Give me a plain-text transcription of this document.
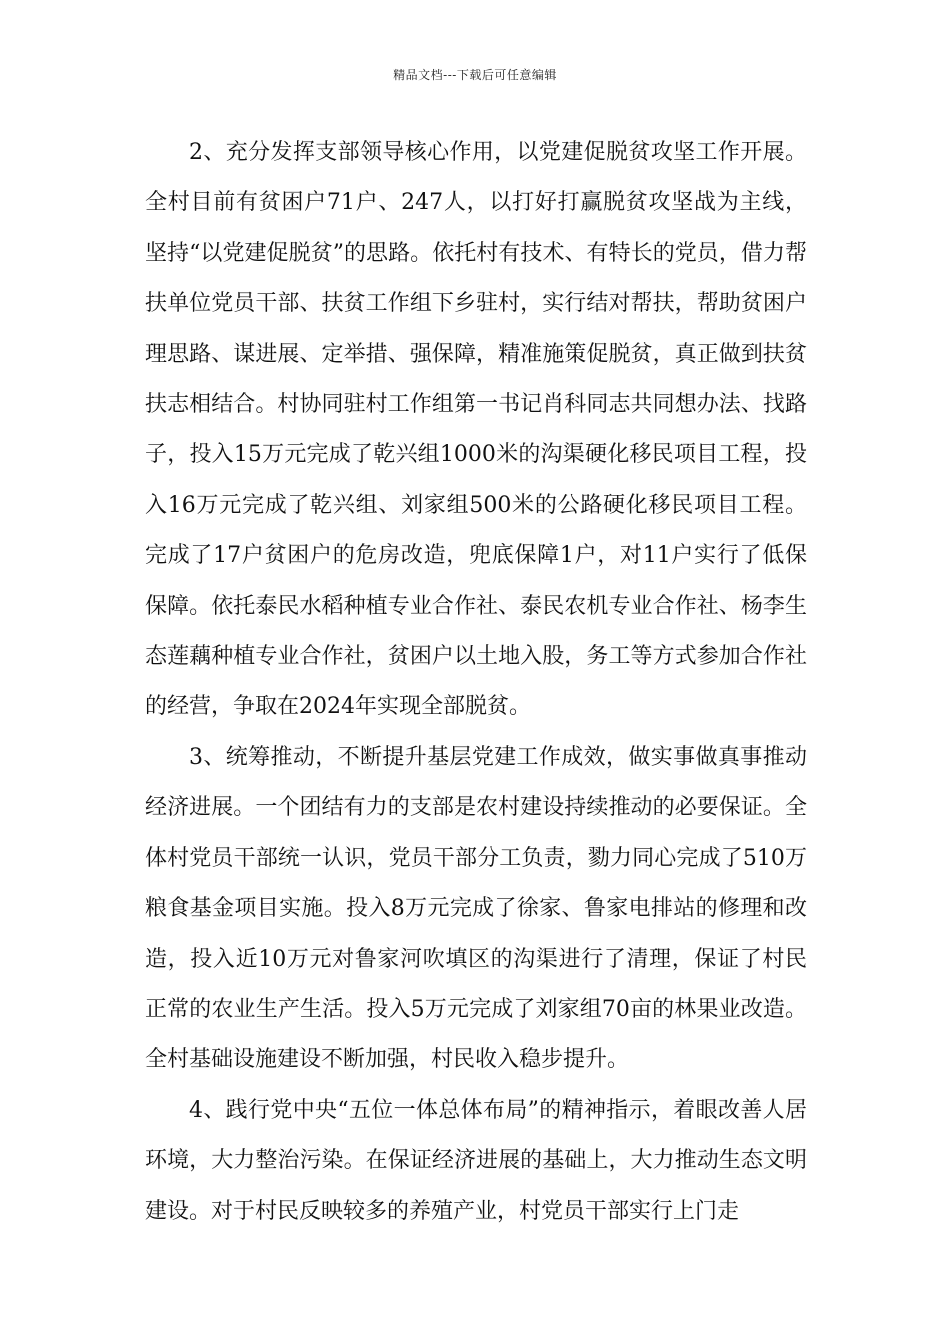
精品文档---下载后可任意编辑

2、充分发挥支部领导核心作用，以党建促脱贫攻坚工作开展。全村目前有贫困户71户、247人，以打好打赢脱贫攻坚战为主线，坚持“以党建促脱贫”的思路。依托村有技术、有特长的党员，借力帮扶单位党员干部、扶贫工作组下乡驻村，实行结对帮扶，帮助贫困户理思路、谋进展、定举措、强保障，精准施策促脱贫，真正做到扶贫扶志相结合。村协同驻村工作组第一书记肖科同志共同想办法、找路子，投入15万元完成了乾兴组1000米的沟渠硬化移民项目工程，投入16万元完成了乾兴组、刘家组500米的公路硬化移民项目工程。完成了17户贫困户的危房改造，兜底保障1户，对11户实行了低保保障。依托泰民水稻种植专业合作社、泰民农机专业合作社、杨李生态莲藕种植专业合作社，贫困户以土地入股，务工等方式参加合作社的经营，争取在2024年实现全部脱贫。

3、统筹推动，不断提升基层党建工作成效，做实事做真事推动经济进展。一个团结有力的支部是农村建设持续推动的必要保证。全体村党员干部统一认识，党员干部分工负责，勠力同心完成了510万粮食基金项目实施。投入8万元完成了徐家、鲁家电排站的修理和改造，投入近10万元对鲁家河吹填区的沟渠进行了清理，保证了村民正常的农业生产生活。投入5万元完成了刘家组70亩的林果业改造。全村基础设施建设不断加强，村民收入稳步提升。

4、践行党中央“五位一体总体布局”的精神指示，着眼改善人居环境，大力整治污染。在保证经济进展的基础上，大力推动生态文明建设。对于村民反映较多的养殖产业，村党员干部实行上门走
